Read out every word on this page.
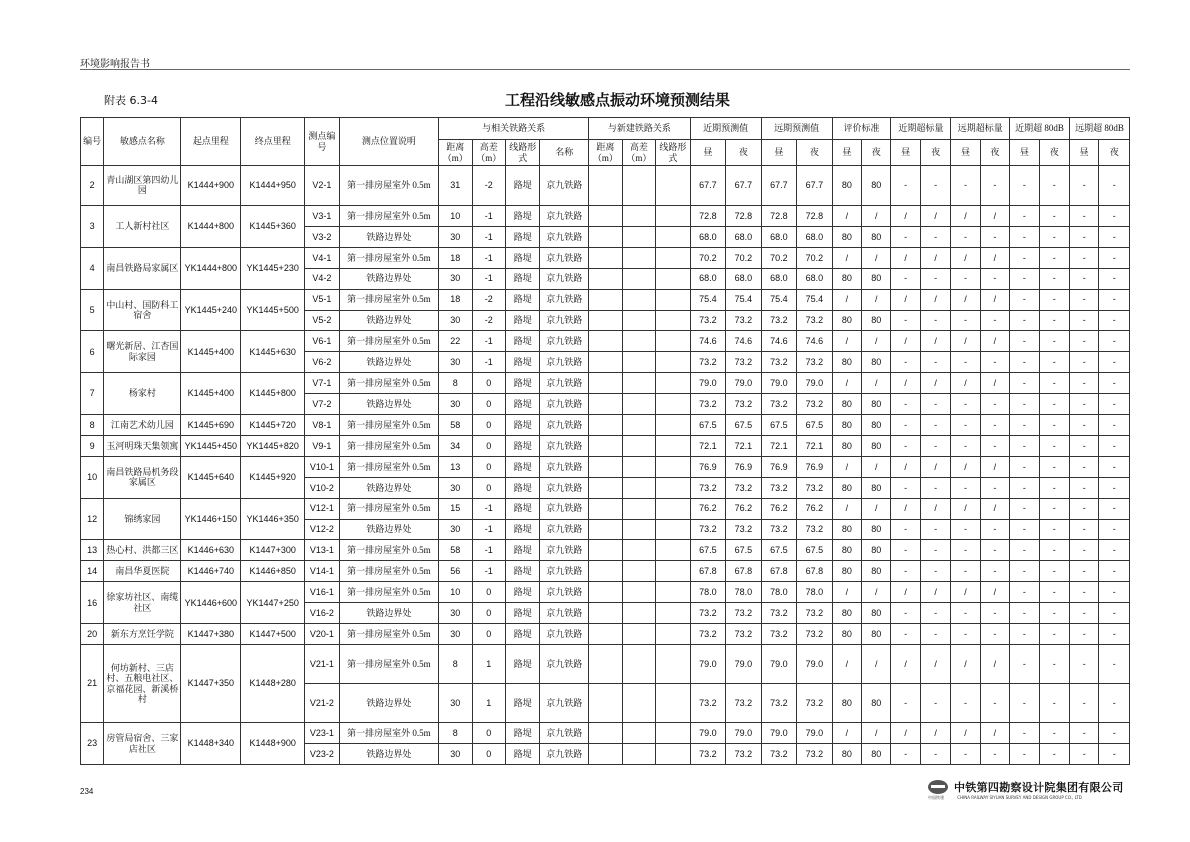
环境影响报告书
附表 6.3-4	工程沿线敏感点振动环境预测结果
编号	敏感点名称	起点里程	终点里程	测点编号	测点位置说明	与相关铁路关系				与新建铁路关系			近期预测值		远期预测值		评价标准		近期超标量		远期超标量		近期超 80dB		远期超 80dB	
						距离（m）	高差（m）	线路形式	名称	距离（m）	高差（m）	线路形式	昼	夜	昼	夜	昼	夜	昼	夜	昼	夜	昼	夜	昼	夜
2	青山湖区第四幼儿园	K1444+900	K1444+950	V2-1	第一排房屋室外 0.5m	31	-2	路堤	京九铁路				67.7	67.7	67.7	67.7	80	80	-	-	-	-	-	-	-	-
3	工人新村社区	K1444+800	K1445+360	V3-1	第一排房屋室外 0.5m	10	-1	路堤	京九铁路				72.8	72.8	72.8	72.8	/	/	/	/	/	/	-	-	-	-
				V3-2	铁路边界处	30	-1	路堤	京九铁路				68.0	68.0	68.0	68.0	80	80	-	-	-	-	-	-	-	-
4	南昌铁路局家属区	YK1444+800	YK1445+230	V4-1	第一排房屋室外 0.5m	18	-1	路堤	京九铁路				70.2	70.2	70.2	70.2	/	/	/	/	/	/	-	-	-	-
				V4-2	铁路边界处	30	-1	路堤	京九铁路				68.0	68.0	68.0	68.0	80	80	-	-	-	-	-	-	-	-
5	中山村、国防科工宿舍	YK1445+240	YK1445+500	V5-1	第一排房屋室外 0.5m	18	-2	路堤	京九铁路				75.4	75.4	75.4	75.4	/	/	/	/	/	/	-	-	-	-
				V5-2	铁路边界处	30	-2	路堤	京九铁路				73.2	73.2	73.2	73.2	80	80	-	-	-	-	-	-	-	-
6	曙光新居、江杏国际家园	K1445+400	K1445+630	V6-1	第一排房屋室外 0.5m	22	-1	路堤	京九铁路				74.6	74.6	74.6	74.6	/	/	/	/	/	/	-	-	-	-
				V6-2	铁路边界处	30	-1	路堤	京九铁路				73.2	73.2	73.2	73.2	80	80	-	-	-	-	-	-	-	-
7	杨家村	K1445+400	K1445+800	V7-1	第一排房屋室外 0.5m	8	0	路堤	京九铁路				79.0	79.0	79.0	79.0	/	/	/	/	/	/	-	-	-	-
				V7-2	铁路边界处	30	0	路堤	京九铁路				73.2	73.2	73.2	73.2	80	80	-	-	-	-	-	-	-	-
8	江南艺术幼儿园	K1445+690	K1445+720	V8-1	第一排房屋室外 0.5m	58	0	路堤	京九铁路				67.5	67.5	67.5	67.5	80	80	-	-	-	-	-	-	-	-
9	玉河明珠天集领寓	YK1445+450	YK1445+820	V9-1	第一排房屋室外 0.5m	34	0	路堤	京九铁路				72.1	72.1	72.1	72.1	80	80	-	-	-	-	-	-	-	-
10	南昌铁路局机务段家属区	K1445+640	K1445+920	V10-1	第一排房屋室外 0.5m	13	0	路堤	京九铁路				76.9	76.9	76.9	76.9	/	/	/	/	/	/	-	-	-	-
				V10-2	铁路边界处	30	0	路堤	京九铁路				73.2	73.2	73.2	73.2	80	80	-	-	-	-	-	-	-	-
12	锦绣家园	YK1446+150	YK1446+350	V12-1	第一排房屋室外 0.5m	15	-1	路堤	京九铁路				76.2	76.2	76.2	76.2	/	/	/	/	/	/	-	-	-	-
				V12-2	铁路边界处	30	-1	路堤	京九铁路				73.2	73.2	73.2	73.2	80	80	-	-	-	-	-	-	-	-
13	热心村、洪都三区	K1446+630	K1447+300	V13-1	第一排房屋室外 0.5m	58	-1	路堤	京九铁路				67.5	67.5	67.5	67.5	80	80	-	-	-	-	-	-	-	-
14	南昌华夏医院	K1446+740	K1446+850	V14-1	第一排房屋室外 0.5m	56	-1	路堤	京九铁路				67.8	67.8	67.8	67.8	80	80	-	-	-	-	-	-	-	-
16	徐家坊社区、南缆社区	YK1446+600	YK1447+250	V16-1	第一排房屋室外 0.5m	10	0	路堤	京九铁路				78.0	78.0	78.0	78.0	/	/	/	/	/	/	-	-	-	-
				V16-2	铁路边界处	30	0	路堤	京九铁路				73.2	73.2	73.2	73.2	80	80	-	-	-	-	-	-	-	-
20	新东方烹饪学院	K1447+380	K1447+500	V20-1	第一排房屋室外 0.5m	30	0	路堤	京九铁路				73.2	73.2	73.2	73.2	80	80	-	-	-	-	-	-	-	-
21	何坊新村、三店村、五粮电社区、京福花园、新溪桥村	K1447+350	K1448+280	V21-1	第一排房屋室外 0.5m	8	1	路堤	京九铁路				79.0	79.0	79.0	79.0	/	/	/	/	/	/	-	-	-	-
				V21-2	铁路边界处	30	1	路堤	京九铁路				73.2	73.2	73.2	73.2	80	80	-	-	-	-	-	-	-	-
23	房管局宿舍、三家店社区	K1448+340	K1448+900	V23-1	第一排房屋室外 0.5m	8	0	路堤	京九铁路				79.0	79.0	79.0	79.0	/	/	/	/	/	/	-	-	-	-
				V23-2	铁路边界处	30	0	路堤	京九铁路				73.2	73.2	73.2	73.2	80	80	-	-	-	-	-	-	-	-
234	中铁第四勘察设计院集团有限公司
中国铁建	CHINA RAILWAY SIYUAN SURVEY AND DESIGN GROUP CO., LTD
